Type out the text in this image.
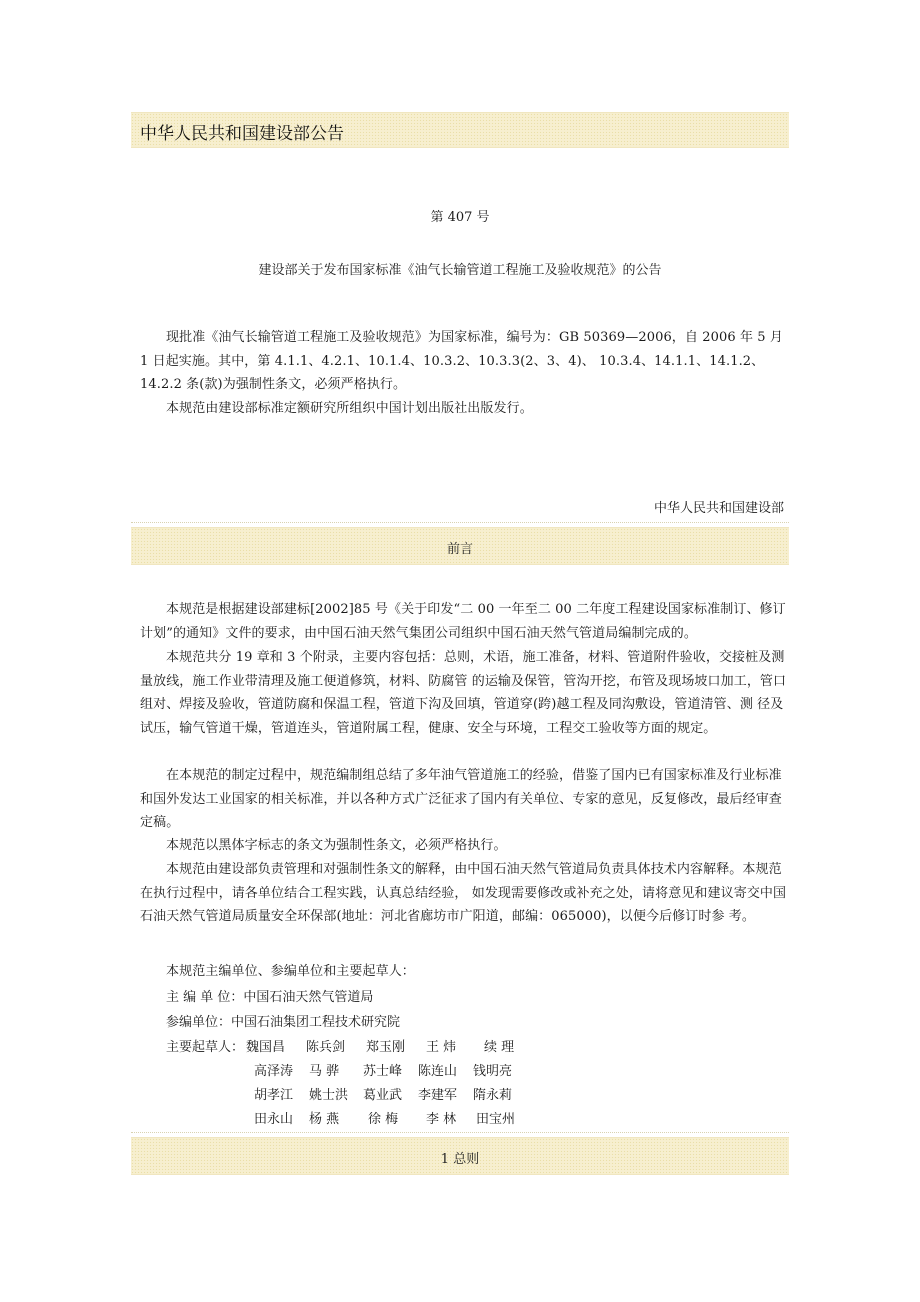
中华人民共和国建设部公告
第 407 号
建设部关于发布国家标准《油气长输管道工程施工及验收规范》的公告

现批准《油气长输管道工程施工及验收规范》为国家标准，编号为：GB 50369—2006，自 2006 年 5 月 1 日起实施。其中，第 4.1.1、4.2.1、10.1.4、10.3.2、10.3.3(2、3、4)、 10.3.4、14.1.1、14.1.2、14.2.2 条(款)为强制性条文，必须严格执行。

本规范由建设部标准定额研究所组织中国计划出版社出版发行。

中华人民共和国建设部
前言

本规范是根据建设部建标[2002]85 号《关于印发“二 00 一年至二 00 二年度工程建设国家标准制订、修订计划”的通知》文件的要求，由中国石油天然气集团公司组织中国石油天然气管道局编制完成的。

本规范共分 19 章和 3 个附录，主要内容包括：总则，术语，施工准备，材料、管道附件验收，交接桩及测量放线，施工作业带清理及施工便道修筑，材料、防腐管 的运输及保管，管沟开挖，布管及现场坡口加工，管口组对、焊接及验收，管道防腐和保温工程，管道下沟及回填，管道穿(跨)越工程及同沟敷设，管道清管、测 径及试压，输气管道干燥，管道连头，管道附属工程，健康、安全与环境，工程交工验收等方面的规定。

在本规范的制定过程中，规范编制组总结了多年油气管道施工的经验，借鉴了国内已有国家标准及行业标准和国外发达工业国家的相关标准，并以各种方式广泛征求了国内有关单位、专家的意见，反复修改，最后经审查定稿。

本规范以黑体字标志的条文为强制性条文，必须严格执行。

本规范由建设部负责管理和对强制性条文的解释，由中国石油天然气管道局负责具体技术内容解释。本规范在执行过程中，请各单位结合工程实践，认真总结经验， 如发现需要修改或补充之处，请将意见和建议寄交中国石油天然气管道局质量安全环保部(地址：河北省廊坊市广阳道，邮编：065000)，以便今后修订时参 考。

本规范主编单位、参编单位和主要起草人：

主 编 单 位：中国石油天然气管道局
参编单位：中国石油集团工程技术研究院
主要起草人： 魏国昌 陈兵剑 郑玉刚 王 炜 续 理
高泽涛 马 骅 苏士峰 陈连山 钱明亮
胡孝江 姚士洪 葛业武 李建军 隋永莉
田永山 杨 燕 徐 梅 李 林 田宝州
1 总则
